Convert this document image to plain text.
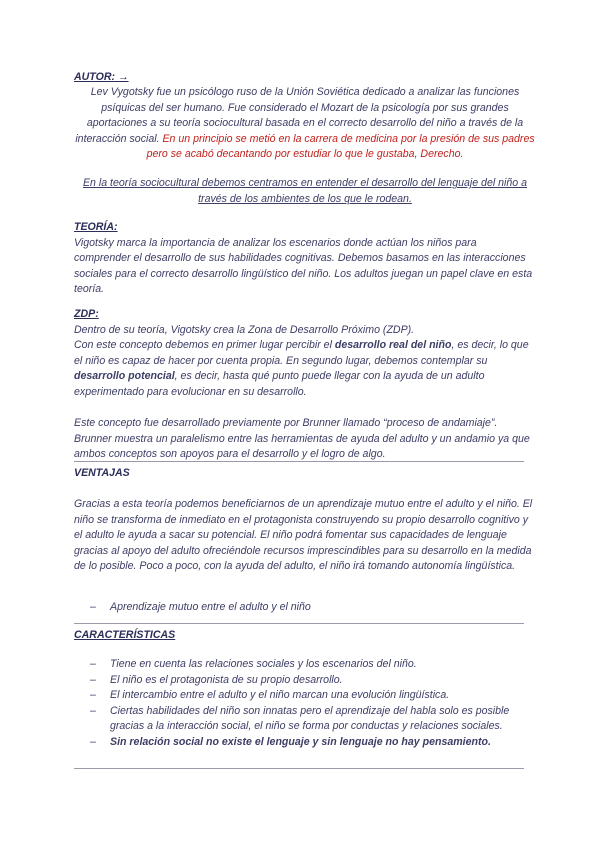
AUTOR: →
Lev Vygotsky fue un psicólogo ruso de la Unión Soviética dedicado a analizar las funciones psíquicas del ser humano. Fue considerado el Mozart de la psicología por sus grandes aportaciones a su teoría sociocultural basada en el correcto desarrollo del niño a través de la interacción social. En un principio se metió en la carrera de medicina por la presión de sus padres pero se acabó decantando por estudiar lo que le gustaba, Derecho.
En la teoría sociocultural debemos centramos en entender el desarrollo del lenguaje del niño a través de los ambientes de los que le rodean.
TEORÍA:
Vigotsky marca la importancia de analizar los escenarios donde actúan los niños para comprender el desarrollo de sus habilidades cognitivas. Debemos basamos en las interacciones sociales para el correcto desarrollo lingüístico del niño. Los adultos juegan un papel clave en esta teoría.
ZDP:
Dentro de su teoría, Vigotsky crea la Zona de Desarrollo Próximo (ZDP).
Con este concepto debemos en primer lugar percibir el desarrollo real del niño, es decir, lo que el niño es capaz de hacer por cuenta propia. En segundo lugar, debemos contemplar su desarrollo potencial, es decir, hasta qué punto puede llegar con la ayuda de un adulto experimentado para evolucionar en su desarrollo.
Este concepto fue desarrollado previamente por Brunner llamado “proceso de andamiaje”. Brunner muestra un paralelismo entre las herramientas de ayuda del adulto y un andamio ya que ambos conceptos son apoyos para el desarrollo y el logro de algo.
VENTAJAS
Gracias a esta teoría podemos beneficiarnos de un aprendizaje mutuo entre el adulto y el niño. El niño se transforma de inmediato en el protagonista construyendo su propio desarrollo cognitivo y el adulto le ayuda a sacar su potencial. El niño podrá fomentar sus capacidades de lenguaje gracias al apoyo del adulto ofreciéndole recursos imprescindibles para su desarrollo en la medida de lo posible. Poco a poco, con la ayuda del adulto, el niño irá tomando autonomía lingüística.
– Aprendizaje mutuo entre el adulto y el niño
CARACTERÍSTICAS
– Tiene en cuenta las relaciones sociales y los escenarios del niño.
– El niño es el protagonista de su propio desarrollo.
– El intercambio entre el adulto y el niño marcan una evolución lingüística.
– Ciertas habilidades del niño son innatas pero el aprendizaje del habla solo es posible gracias a la interacción social, el niño se forma por conductas y relaciones sociales.
– Sin relación social no existe el lenguaje y sin lenguaje no hay pensamiento.
